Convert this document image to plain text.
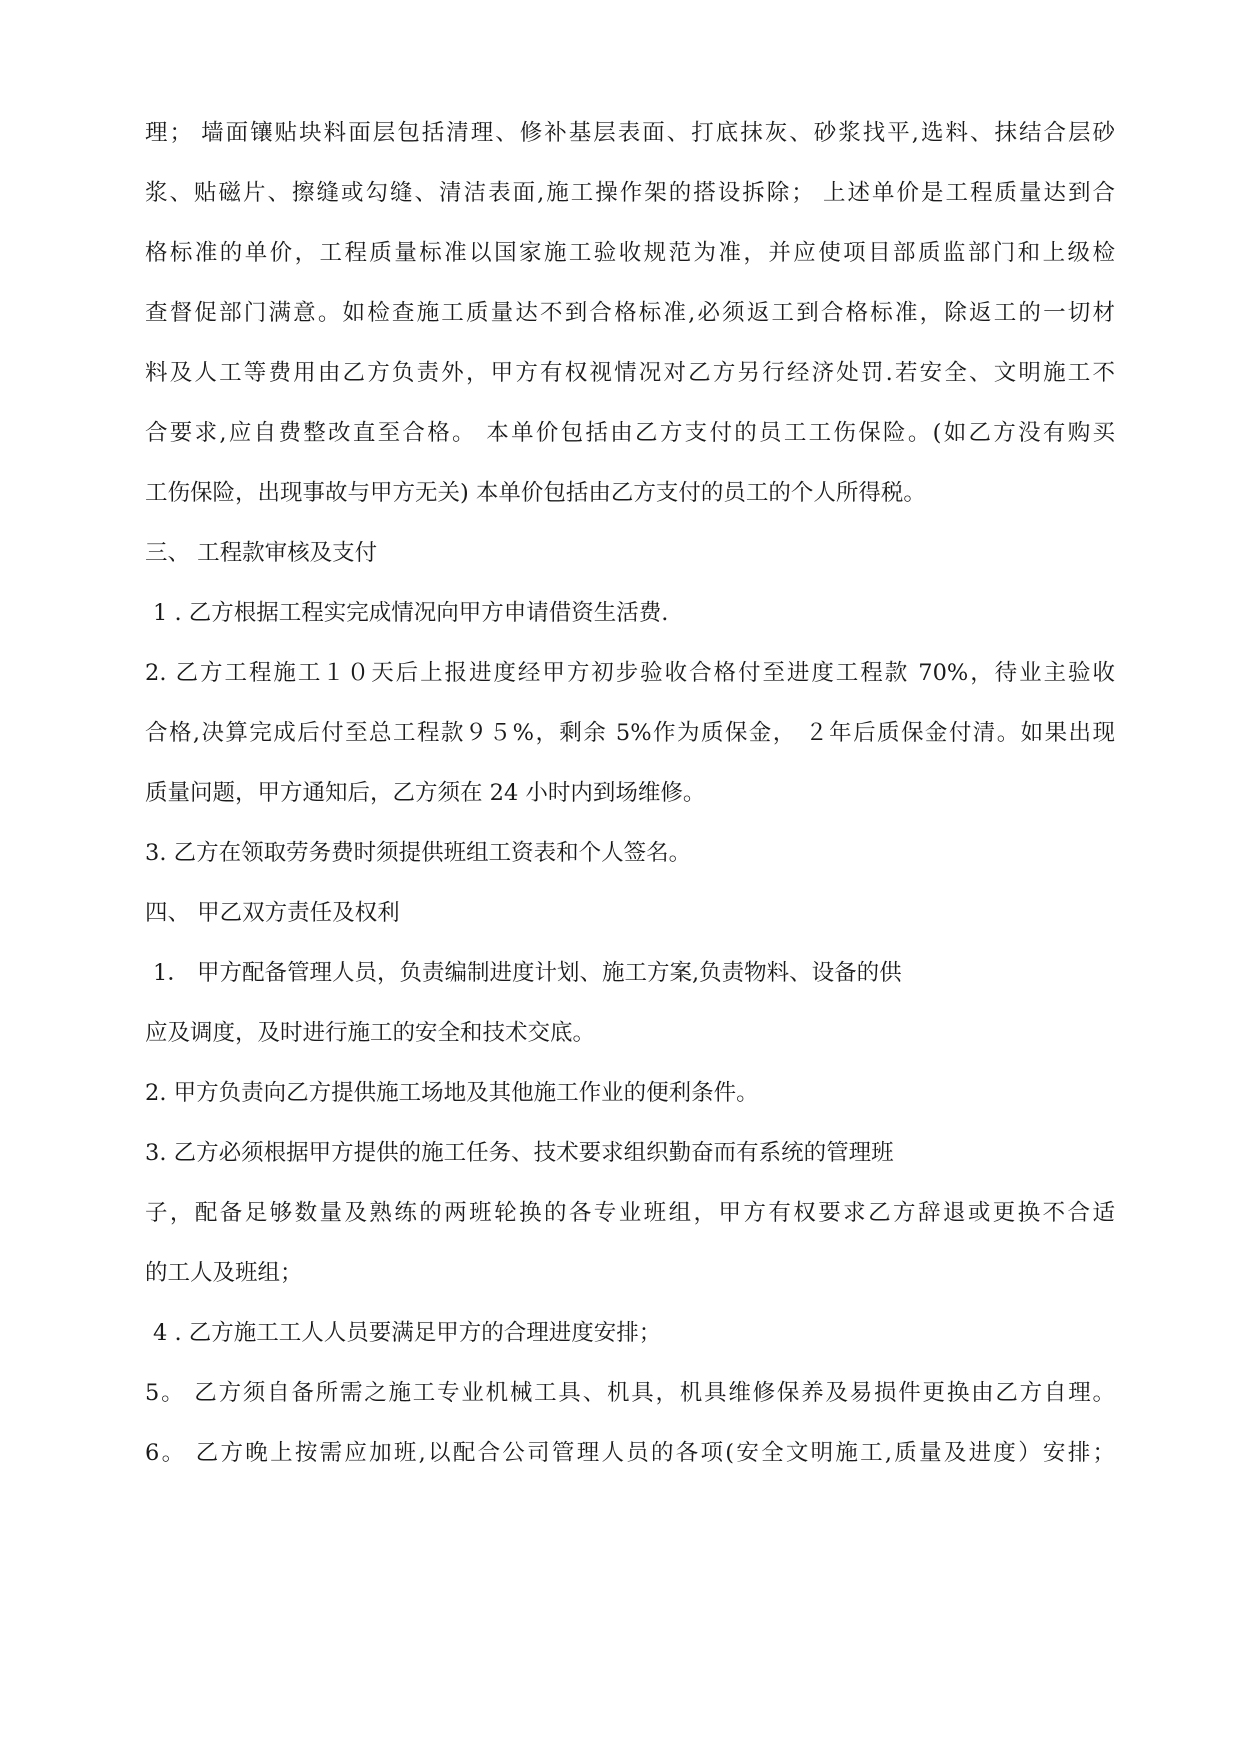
理； 墙面镶贴块料面层包括清理、修补基层表面、打底抹灰、砂浆找平,选料、抹结合层砂
浆、贴磁片、擦缝或勾缝、清洁表面,施工操作架的搭设拆除； 上述单价是工程质量达到合
格标准的单价，工程质量标准以国家施工验收规范为准，并应使项目部质监部门和上级检
查督促部门满意。如检查施工质量达不到合格标准,必须返工到合格标准，除返工的一切材
料及人工等费用由乙方负责外，甲方有权视情况对乙方另行经济处罚.若安全、文明施工不
合要求,应自费整改直至合格。 本单价包括由乙方支付的员工工伤保险。(如乙方没有购买
工伤保险，出现事故与甲方无关) 本单价包括由乙方支付的员工的个人所得税。
三、 工程款审核及支付
1 . 乙方根据工程实完成情况向甲方申请借资生活费.
2. 乙方工程施工１０天后上报进度经甲方初步验收合格付至进度工程款 70%，待业主验收
合格,决算完成后付至总工程款９５%，剩余 5%作为质保金， ２年后质保金付清。如果出现
质量问题，甲方通知后，乙方须在 24 小时内到场维修。
3. 乙方在领取劳务费时须提供班组工资表和个人签名。
四、 甲乙双方责任及权利
1． 甲方配备管理人员，负责编制进度计划、施工方案,负责物料、设备的供
应及调度，及时进行施工的安全和技术交底。
2. 甲方负责向乙方提供施工场地及其他施工作业的便利条件。
3. 乙方必须根据甲方提供的施工任务、技术要求组织勤奋而有系统的管理班
子，配备足够数量及熟练的两班轮换的各专业班组，甲方有权要求乙方辞退或更换不合适
的工人及班组；
4 . 乙方施工工人人员要满足甲方的合理进度安排；
5。 乙方须自备所需之施工专业机械工具、机具，机具维修保养及易损件更换由乙方自理。
6。 乙方晚上按需应加班,以配合公司管理人员的各项(安全文明施工,质量及进度）安排；
